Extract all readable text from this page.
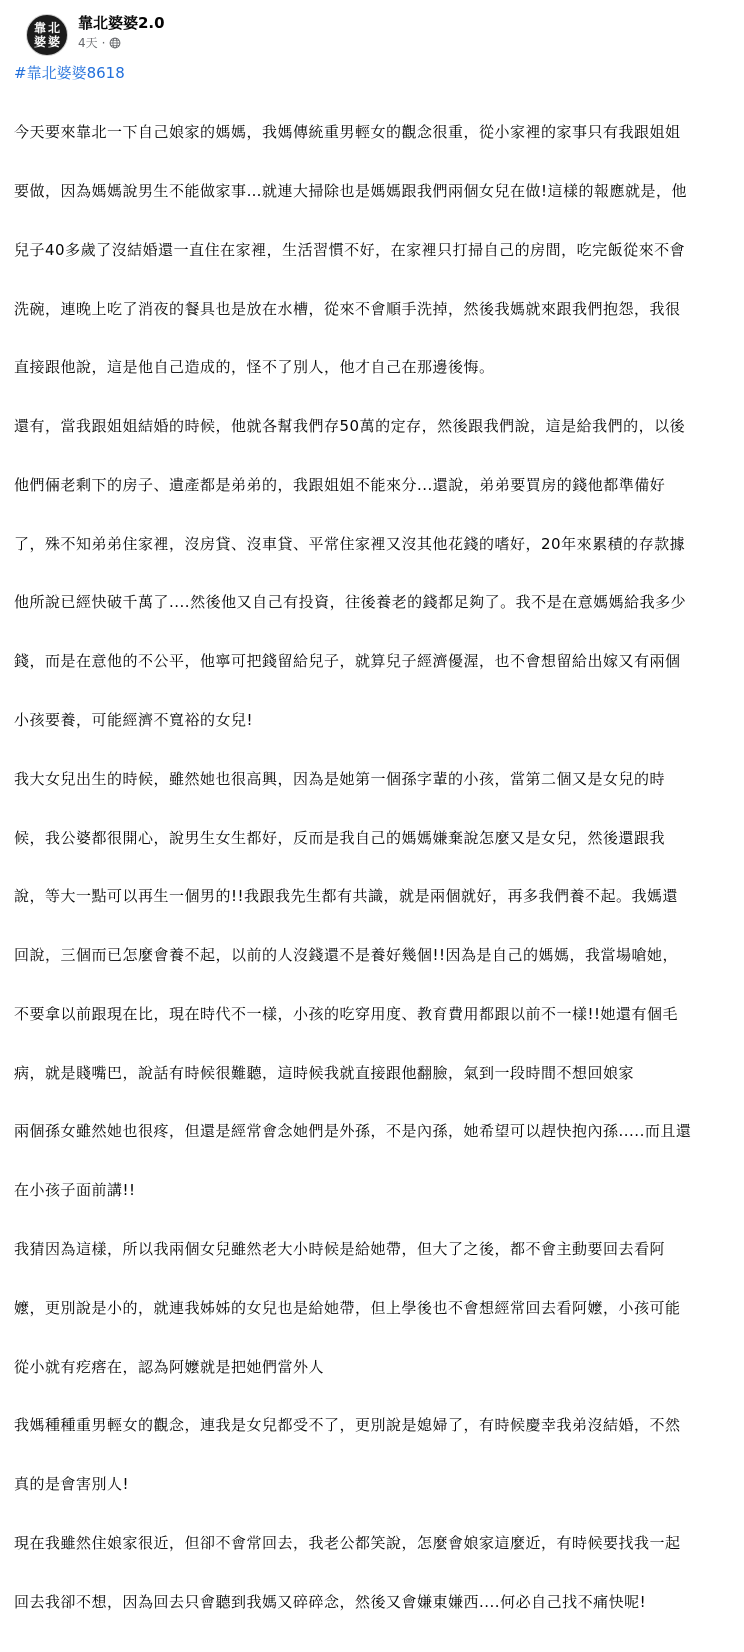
靠 北
婆 婆
靠北婆婆2.0
4天 ·
#靠北婆婆8618

今天要來靠北一下自己娘家的媽媽，我媽傳統重男輕女的觀念很重，從小家裡的家事只有我跟姐姐

要做，因為媽媽說男生不能做家事…就連大掃除也是媽媽跟我們兩個女兒在做!這樣的報應就是，他

兒子40多歲了沒結婚還一直住在家裡，生活習慣不好，在家裡只打掃自己的房間，吃完飯從來不會

洗碗，連晚上吃了消夜的餐具也是放在水槽，從來不會順手洗掉，然後我媽就來跟我們抱怨，我很

直接跟他說，這是他自己造成的，怪不了別人，他才自己在那邊後悔。

還有，當我跟姐姐結婚的時候，他就各幫我們存50萬的定存，然後跟我們說，這是給我們的，以後

他們倆老剩下的房子、遺產都是弟弟的，我跟姐姐不能來分...還說，弟弟要買房的錢他都準備好

了，殊不知弟弟住家裡，沒房貸、沒車貸、平常住家裡又沒其他花錢的嗜好，20年來累積的存款據

他所說已經快破千萬了....然後他又自己有投資，往後養老的錢都足夠了。我不是在意媽媽給我多少

錢，而是在意他的不公平，他寧可把錢留給兒子，就算兒子經濟優渥，也不會想留給出嫁又有兩個

小孩要養，可能經濟不寬裕的女兒!

我大女兒出生的時候，雖然她也很高興，因為是她第一個孫字輩的小孩，當第二個又是女兒的時

候，我公婆都很開心，說男生女生都好，反而是我自己的媽媽嫌棄說怎麼又是女兒，然後還跟我

說，等大一點可以再生一個男的!!我跟我先生都有共識，就是兩個就好，再多我們養不起。我媽還

回說，三個而已怎麼會養不起，以前的人沒錢還不是養好幾個!!因為是自己的媽媽，我當場嗆她，

不要拿以前跟現在比，現在時代不一樣，小孩的吃穿用度、教育費用都跟以前不一樣!!她還有個毛

病，就是賤嘴巴，說話有時候很難聽，這時候我就直接跟他翻臉，氣到一段時間不想回娘家

兩個孫女雖然她也很疼，但還是經常會念她們是外孫，不是內孫，她希望可以趕快抱內孫.....而且還

在小孩子面前講!!

我猜因為這樣，所以我兩個女兒雖然老大小時候是給她帶，但大了之後，都不會主動要回去看阿

嬤，更別說是小的，就連我姊姊的女兒也是給她帶，但上學後也不會想經常回去看阿嬤，小孩可能

從小就有疙瘩在，認為阿嬤就是把她們當外人

我媽種種重男輕女的觀念，連我是女兒都受不了，更別說是媳婦了，有時候慶幸我弟沒結婚，不然

真的是會害別人!

現在我雖然住娘家很近，但卻不會常回去，我老公都笑說，怎麼會娘家這麼近，有時候要找我一起

回去我卻不想，因為回去只會聽到我媽又碎碎念，然後又會嫌東嫌西....何必自己找不痛快呢!
